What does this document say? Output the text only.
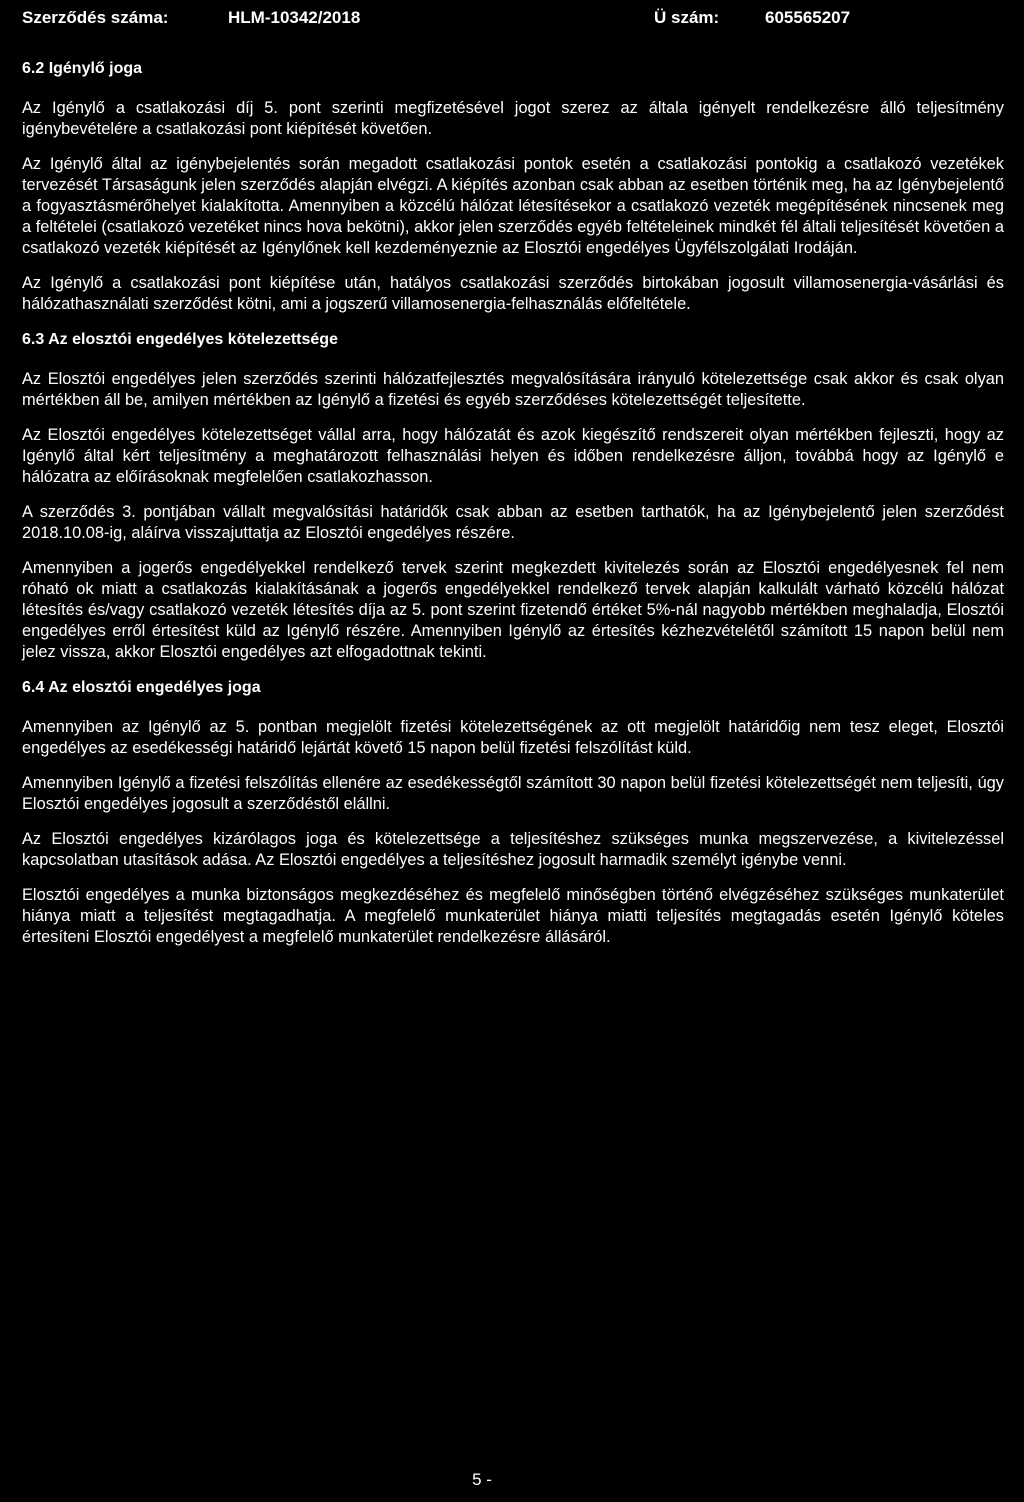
Szerződés száma:	HLM-10342/2018	Ü szám:	605565207
6.2 Igénylő joga

Az Igénylő a csatlakozási díj 5. pont szerinti megfizetésével jogot szerez az általa igényelt rendelkezésre álló teljesítmény igénybevételére a csatlakozási pont kiépítését követően.

Az Igénylő által az igénybejelentés során megadott csatlakozási pontok esetén a csatlakozási pontokig a csatlakozó vezetékek tervezését Társaságunk jelen szerződés alapján elvégzi. A kiépítés azonban csak abban az esetben történik meg, ha az Igénybejelentő a fogyasztásmérőhelyet kialakította. Amennyiben a közcélú hálózat létesítésekor a csatlakozó vezeték megépítésének nincsenek meg a feltételei (csatlakozó vezetéket nincs hova bekötni), akkor jelen szerződés egyéb feltételeinek mindkét fél általi teljesítését követően a csatlakozó vezeték kiépítését az Igénylőnek kell kezdeményeznie az Elosztói engedélyes Ügyfélszolgálati Irodáján.

Az Igénylő a csatlakozási pont kiépítése után, hatályos csatlakozási szerződés birtokában jogosult villamosenergia-vásárlási és hálózathasználati szerződést kötni, ami a jogszerű villamosenergia-felhasználás előfeltétele.

6.3 Az elosztói engedélyes kötelezettsége

Az Elosztói engedélyes jelen szerződés szerinti hálózatfejlesztés megvalósítására irányuló kötelezettsége csak akkor és csak olyan mértékben áll be, amilyen mértékben az Igénylő a fizetési és egyéb szerződéses kötelezettségét teljesítette.

Az Elosztói engedélyes kötelezettséget vállal arra, hogy hálózatát és azok kiegészítő rendszereit olyan mértékben fejleszti, hogy az Igénylő által kért teljesítmény a meghatározott felhasználási helyen és időben rendelkezésre álljon, továbbá hogy az Igénylő e hálózatra az előírásoknak megfelelően csatlakozhasson.

A szerződés 3. pontjában vállalt megvalósítási határidők csak abban az esetben tarthatók, ha az Igénybejelentő jelen szerződést 2018.10.08-ig, aláírva visszajuttatja az Elosztói engedélyes részére.

Amennyiben a jogerős engedélyekkel rendelkező tervek szerint megkezdett kivitelezés során az Elosztói engedélyesnek fel nem róható ok miatt a csatlakozás kialakításának a jogerős engedélyekkel rendelkező tervek alapján kalkulált várható közcélú hálózat létesítés és/vagy csatlakozó vezeték létesítés díja az 5. pont szerint fizetendő értéket 5%-nál nagyobb mértékben meghaladja, Elosztói engedélyes erről értesítést küld az Igénylő részére. Amennyiben Igénylő az értesítés kézhezvételétől számított 15 napon belül nem jelez vissza, akkor Elosztói engedélyes azt elfogadottnak tekinti.

6.4 Az elosztói engedélyes joga

Amennyiben az Igénylő az 5. pontban megjelölt fizetési kötelezettségének az ott megjelölt határidőig nem tesz eleget, Elosztói engedélyes az esedékességi határidő lejártát követő 15 napon belül fizetési felszólítást küld.

Amennyiben Igénylő a fizetési felszólítás ellenére az esedékességtől számított 30 napon belül fizetési kötelezettségét nem teljesíti, úgy Elosztói engedélyes jogosult a szerződéstől elállni.

Az Elosztói engedélyes kizárólagos joga és kötelezettsége a teljesítéshez szükséges munka megszervezése, a kivitelezéssel kapcsolatban utasítások adása. Az Elosztói engedélyes a teljesítéshez jogosult harmadik személyt igénybe venni.

Elosztói engedélyes a munka biztonságos megkezdéséhez és megfelelő minőségben történő elvégzéséhez szükséges munkaterület hiánya miatt a teljesítést megtagadhatja. A megfelelő munkaterület hiánya miatti teljesítés megtagadás esetén Igénylő köteles értesíteni Elosztói engedélyest a megfelelő munkaterület rendelkezésre állásáról.

5 -
